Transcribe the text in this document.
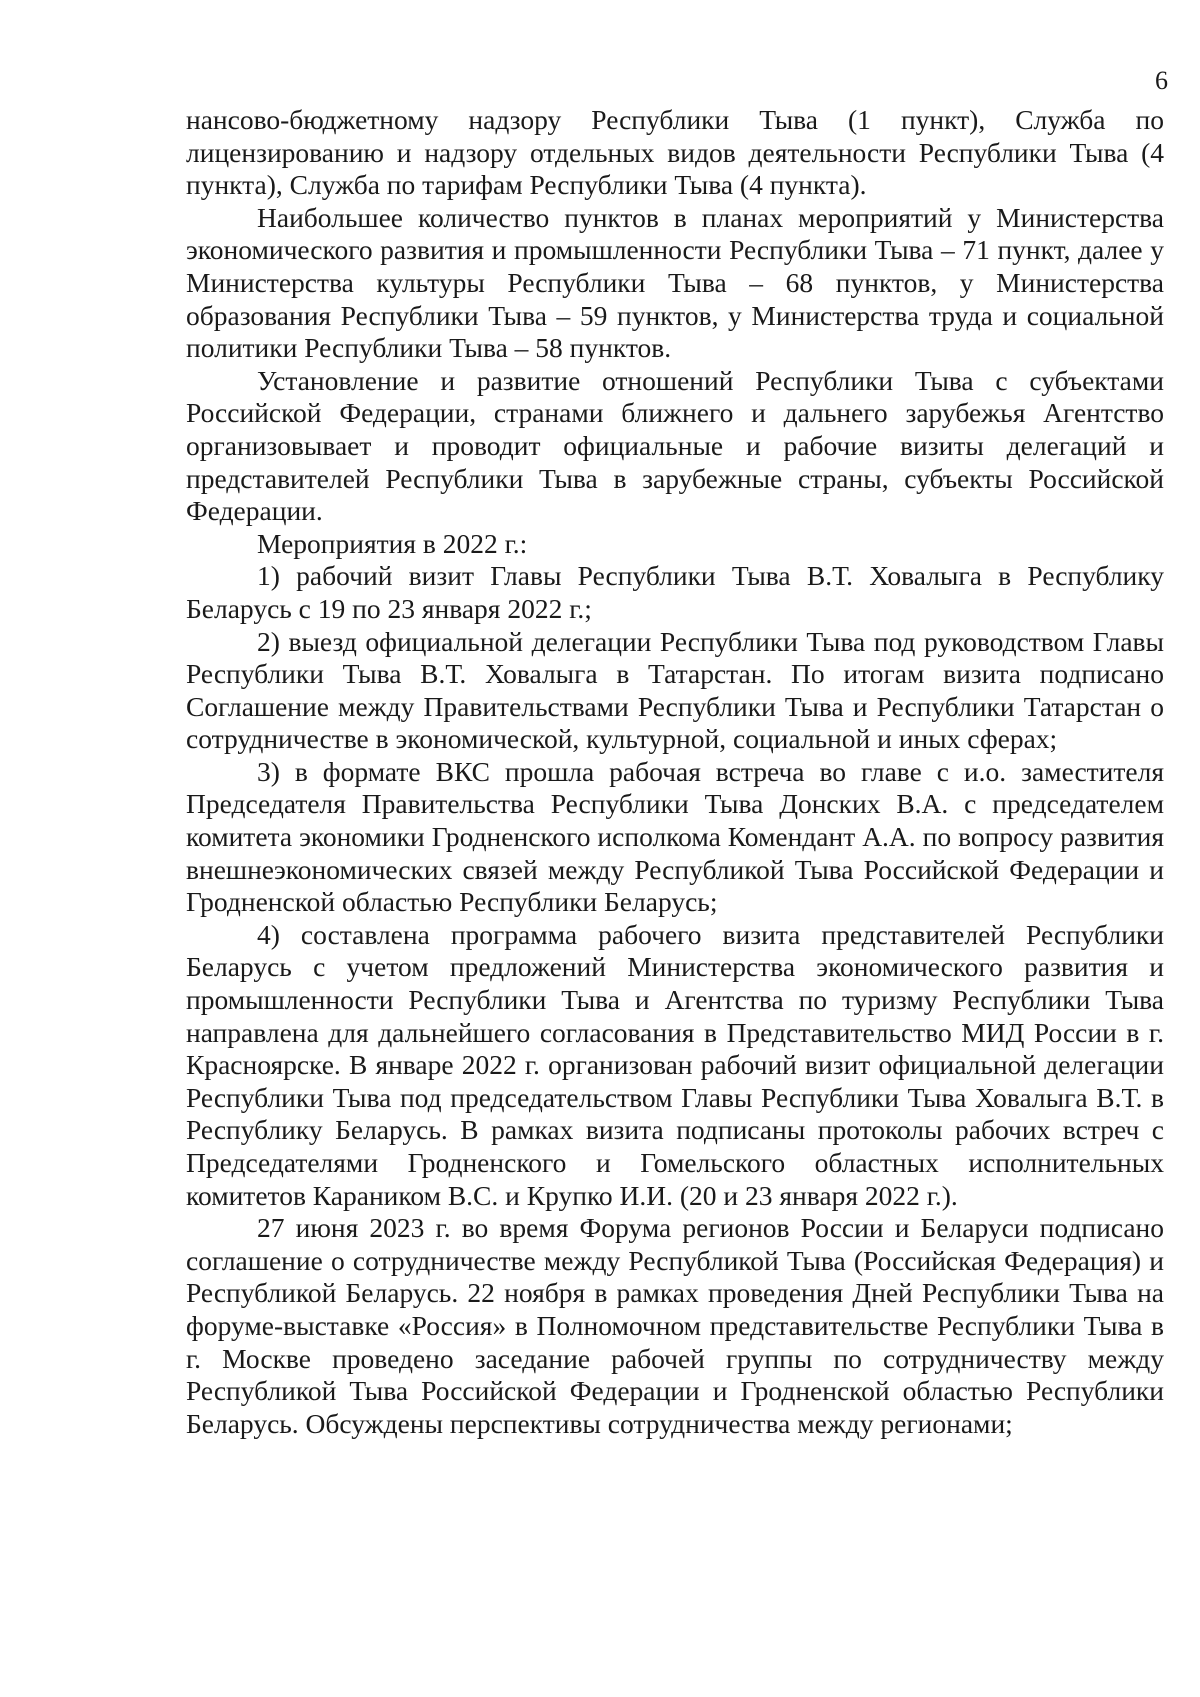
6

нансово-бюджетному надзору Республики Тыва (1 пункт), Служба по лицензированию и надзору отдельных видов деятельности Республики Тыва (4 пункта), Служба по тарифам Республики Тыва (4 пункта).

Наибольшее количество пунктов в планах мероприятий у Министерства экономического развития и промышленности Республики Тыва – 71 пункт, далее у Министерства культуры Республики Тыва – 68 пунктов, у Министерства образования Республики Тыва – 59 пунктов, у Министерства труда и социальной политики Республики Тыва – 58 пунктов.

Установление и развитие отношений Республики Тыва с субъектами Российской Федерации, странами ближнего и дальнего зарубежья Агентство организовывает и проводит официальные и рабочие визиты делегаций и представителей Республики Тыва в зарубежные страны, субъекты Российской Федерации.

Мероприятия в 2022 г.:

1) рабочий визит Главы Республики Тыва В.Т. Ховалыга в Республику Беларусь с 19 по 23 января 2022 г.;

2) выезд официальной делегации Республики Тыва под руководством Главы Республики Тыва В.Т. Ховалыга в Татарстан. По итогам визита подписано Соглашение между Правительствами Республики Тыва и Республики Татарстан о сотрудничестве в экономической, культурной, социальной и иных сферах;

3) в формате ВКС прошла рабочая встреча во главе с и.о. заместителя Председателя Правительства Республики Тыва Донских В.А. с председателем комитета экономики Гродненского исполкома Комендант А.А. по вопросу развития внешнеэкономических связей между Республикой Тыва Российской Федерации и Гродненской областью Республики Беларусь;

4) составлена программа рабочего визита представителей Республики Беларусь с учетом предложений Министерства экономического развития и промышленности Республики Тыва и Агентства по туризму Республики Тыва направлена для дальнейшего согласования в Представительство МИД России в г. Красноярске. В январе 2022 г. организован рабочий визит официальной делегации Республики Тыва под председательством Главы Республики Тыва Ховалыга В.Т. в Республику Беларусь. В рамках визита подписаны протоколы рабочих встреч с Председателями Гродненского и Гомельского областных исполнительных комитетов Караником В.С. и Крупко И.И. (20 и 23 января 2022 г.).

27 июня 2023 г. во время Форума регионов России и Беларуси подписано соглашение о сотрудничестве между Республикой Тыва (Российская Федерация) и Республикой Беларусь. 22 ноября в рамках проведения Дней Республики Тыва на форуме-выставке «Россия» в Полномочном представительстве Республики Тыва в г. Москве проведено заседание рабочей группы по сотрудничеству между Республикой Тыва Российской Федерации и Гродненской областью Республики Беларусь. Обсуждены перспективы сотрудничества между регионами;
